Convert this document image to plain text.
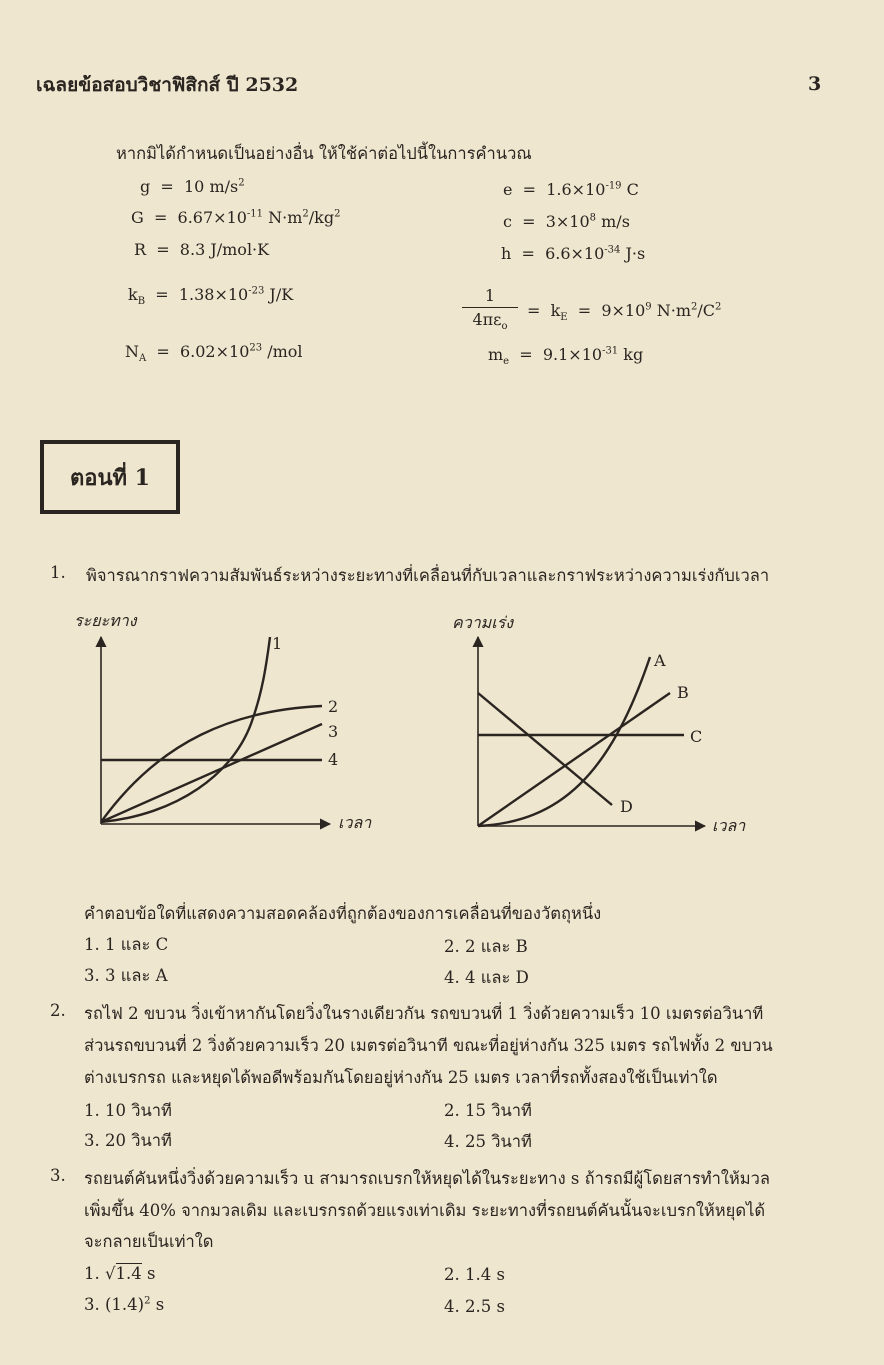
เฉลยข้อสอบวิชาฟิสิกส์ ปี 2532	3
หากมิได้กำหนดเป็นอย่างอื่น ให้ใช้ค่าต่อไปนี้ในการคำนวณ
g = 10 $m/s^2$
$G = 6.67\times 10^{-11}$ $N\cdot m^2/kg^2$
R = 8.3 J/mol·K
$k_B = 1.38\times 10^{-23}$ J/K
$N_A = 6.02\times 10^{23}$ /mol
$e = 1.6\times 10^{-19}$ C
$c = 3\times 10^8$ m/s
$h = 6.6\times 10^{-34}$ J·s
1
$4\pi\varepsilon_o$
= $k_E = 9\times 10^9$ $N\cdot m^2/C^2$
$m_e = 9.1\times 10^{-31}$ kg
ตอนที่ 1
1. พิจารณากราฟความสัมพันธ์ระหว่างระยะทางที่เคลื่อนที่กับเวลาและกราฟระหว่างความเร่งกับเวลา
ระยะทาง
เวลา
1
2
3
4
ความเร่ง
เวลา
A
B
C
D
คำตอบข้อใดที่แสดงความสอดคล้องที่ถูกต้องของการเคลื่อนที่ของวัตถุหนึ่ง
1. 1 และ C	2. 2 และ B
3. 3 และ A	4. 4 และ D
2. รถไฟ 2 ขบวน วิ่งเข้าหากันโดยวิ่งในรางเดียวกัน รถขบวนที่ 1 วิ่งด้วยความเร็ว 10 เมตรต่อวินาที
ส่วนรถขบวนที่ 2 วิ่งด้วยความเร็ว 20 เมตรต่อวินาที ขณะที่อยู่ห่างกัน 325 เมตร รถไฟทั้ง 2 ขบวน
ต่างเบรกรถ และหยุดได้พอดีพร้อมกันโดยอยู่ห่างกัน 25 เมตร เวลาที่รถทั้งสองใช้เป็นเท่าใด
1. 10 วินาที	2. 15 วินาที
3. 20 วินาที	4. 25 วินาที
3. รถยนต์คันหนึ่งวิ่งด้วยความเร็ว u สามารถเบรกให้หยุดได้ในระยะทาง s ถ้ารถมีผู้โดยสารทำให้มวล
เพิ่มขึ้น 40% จากมวลเดิม และเบรกรถด้วยแรงเท่าเดิม ระยะทางที่รถยนต์คันนั้นจะเบรกให้หยุดได้
จะกลายเป็นเท่าใด
1. √1.4 s	2. 1.4 s
3. $(1.4)^2$ s	4. 2.5 s
